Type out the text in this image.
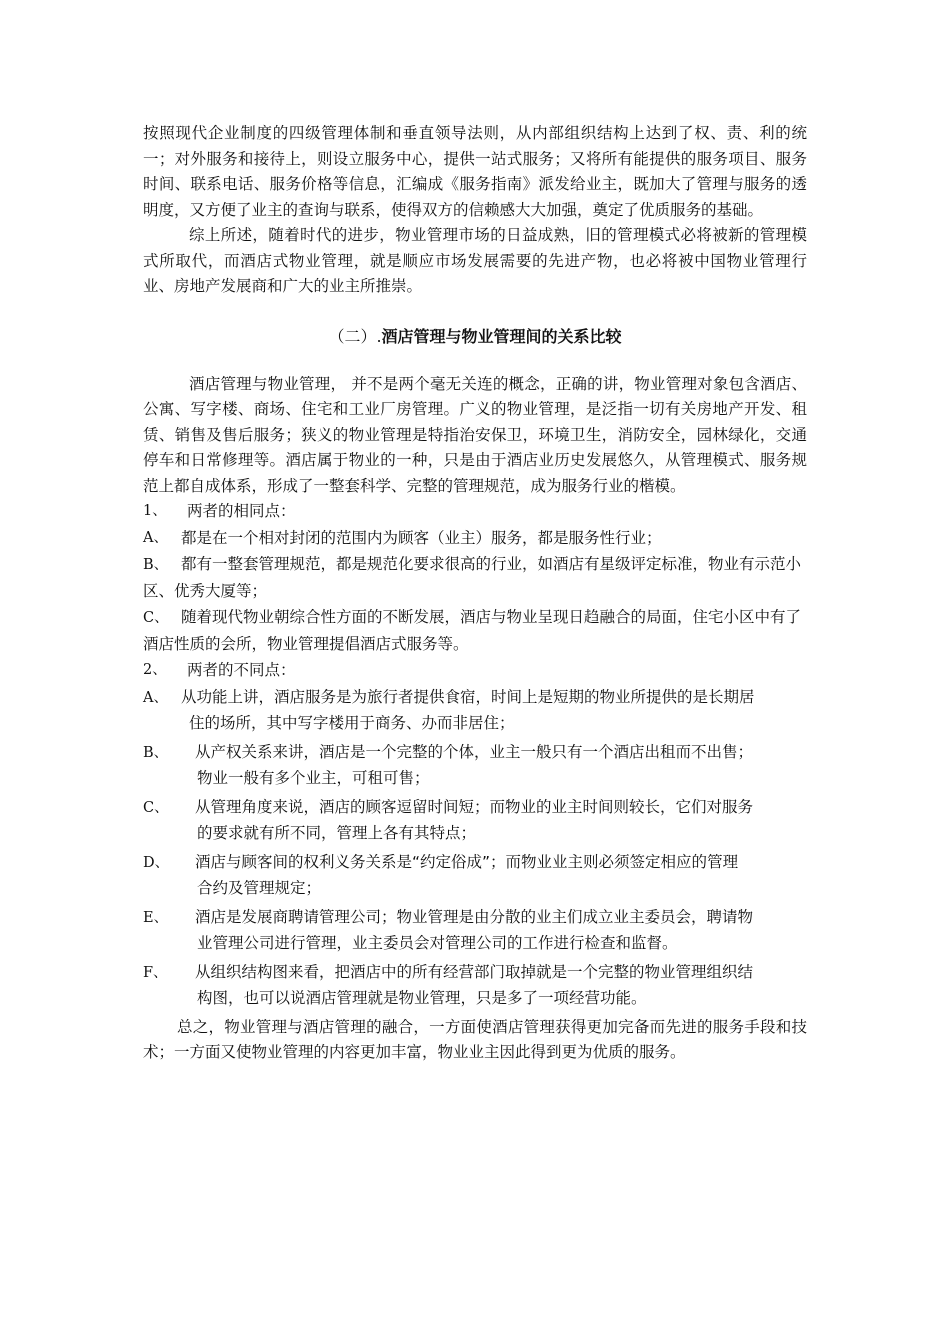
按照现代企业制度的四级管理体制和垂直领导法则，从内部组织结构上达到了权、责、利的统一；对外服务和接待上，则设立服务中心，提供一站式服务；又将所有能提供的服务项目、服务时间、联系电话、服务价格等信息，汇编成《服务指南》派发给业主，既加大了管理与服务的透明度，又方便了业主的查询与联系，使得双方的信赖感大大加强，奠定了优质服务的基础。

综上所述，随着时代的进步，物业管理市场的日益成熟，旧的管理模式必将被新的管理模式所取代，而酒店式物业管理，就是顺应市场发展需要的先进产物，也必将被中国物业管理行业、房地产发展商和广大的业主所推崇。

（二）.酒店管理与物业管理间的关系比较

酒店管理与物业管理， 并不是两个毫无关连的概念，正确的讲，物业管理对象包含酒店、公寓、写字楼、商场、住宅和工业厂房管理。广义的物业管理，是泛指一切有关房地产开发、租赁、销售及售后服务；狭义的物业管理是特指治安保卫，环境卫生，消防安全，园林绿化，交通停车和日常修理等。酒店属于物业的一种，只是由于酒店业历史发展悠久，从管理模式、服务规范上都自成体系，形成了一整套科学、完整的管理规范，成为服务行业的楷模。

1、	两者的相同点：
A、 都是在一个相对封闭的范围内为顾客（业主）服务，都是服务性行业；
B、 都有一整套管理规范，都是规范化要求很高的行业，如酒店有星级评定标准，物业有示范小区、优秀大厦等；
C、 随着现代物业朝综合性方面的不断发展，酒店与物业呈现日趋融合的局面，住宅小区中有了酒店性质的会所，物业管理提倡酒店式服务等。
2、	两者的不同点：
A、 从功能上讲，酒店服务是为旅行者提供食宿，时间上是短期的物业所提供的是长期居
住的场所，其中写字楼用于商务、办而非居住；
B、 从产权关系来讲，酒店是一个完整的个体，业主一般只有一个酒店出租而不出售；
物业一般有多个业主，可租可售；
C、 从管理角度来说，酒店的顾客逗留时间短；而物业的业主时间则较长，它们对服务
的要求就有所不同，管理上各有其特点；
D、 酒店与顾客间的权利义务关系是“约定俗成”；而物业业主则必须签定相应的管理
合约及管理规定；
E、 酒店是发展商聘请管理公司；物业管理是由分散的业主们成立业主委员会，聘请物
业管理公司进行管理，业主委员会对管理公司的工作进行检查和监督。
F、 从组织结构图来看，把酒店中的所有经营部门取掉就是一个完整的物业管理组织结
构图，也可以说酒店管理就是物业管理，只是多了一项经营功能。

总之，物业管理与酒店管理的融合，一方面使酒店管理获得更加完备而先进的服务手段和技术；一方面又使物业管理的内容更加丰富，物业业主因此得到更为优质的服务。
